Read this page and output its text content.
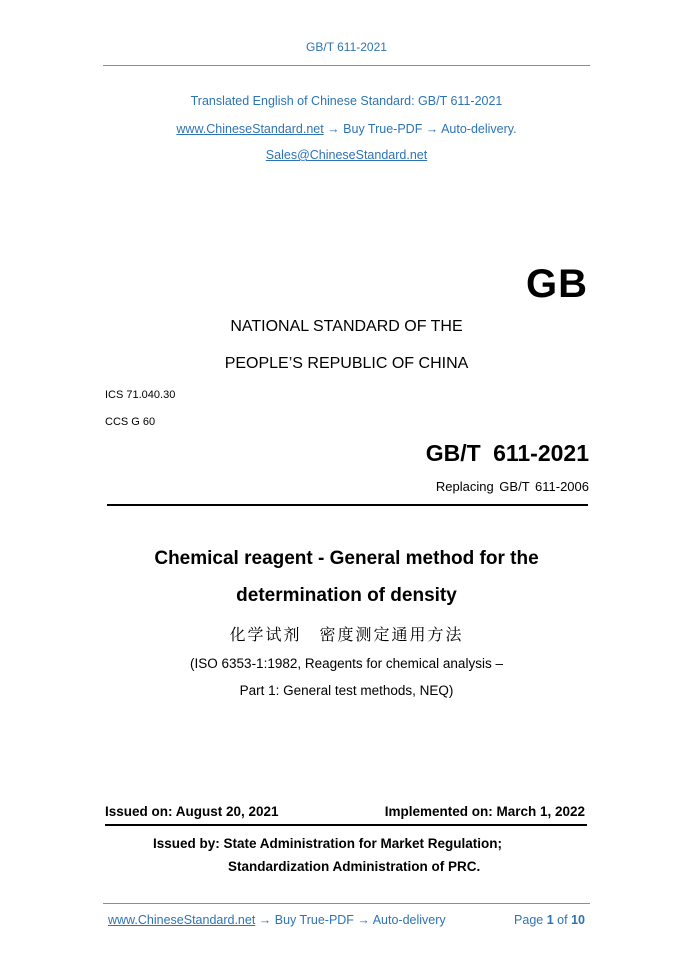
GB/T 611-2021
Translated English of Chinese Standard: GB/T 611-2021
www.ChineseStandard.net → Buy True-PDF → Auto-delivery.
Sales@ChineseStandard.net
GB
NATIONAL STANDARD OF THE
PEOPLE’S REPUBLIC OF CHINA
ICS 71.040.30
CCS G 60
GB/T 611-2021
Replacing GB/T 611-2006
Chemical reagent - General method for the
determination of density
化学试剂　密度测定通用方法
(ISO 6353-1:1982, Reagents for chemical analysis –
Part 1: General test methods, NEQ)
Issued on: August 20, 2021	Implemented on: March 1, 2022
Issued by: State Administration for Market Regulation;
Standardization Administration of PRC.
www.ChineseStandard.net → Buy True-PDF → Auto-delivery	Page 1 of 10
